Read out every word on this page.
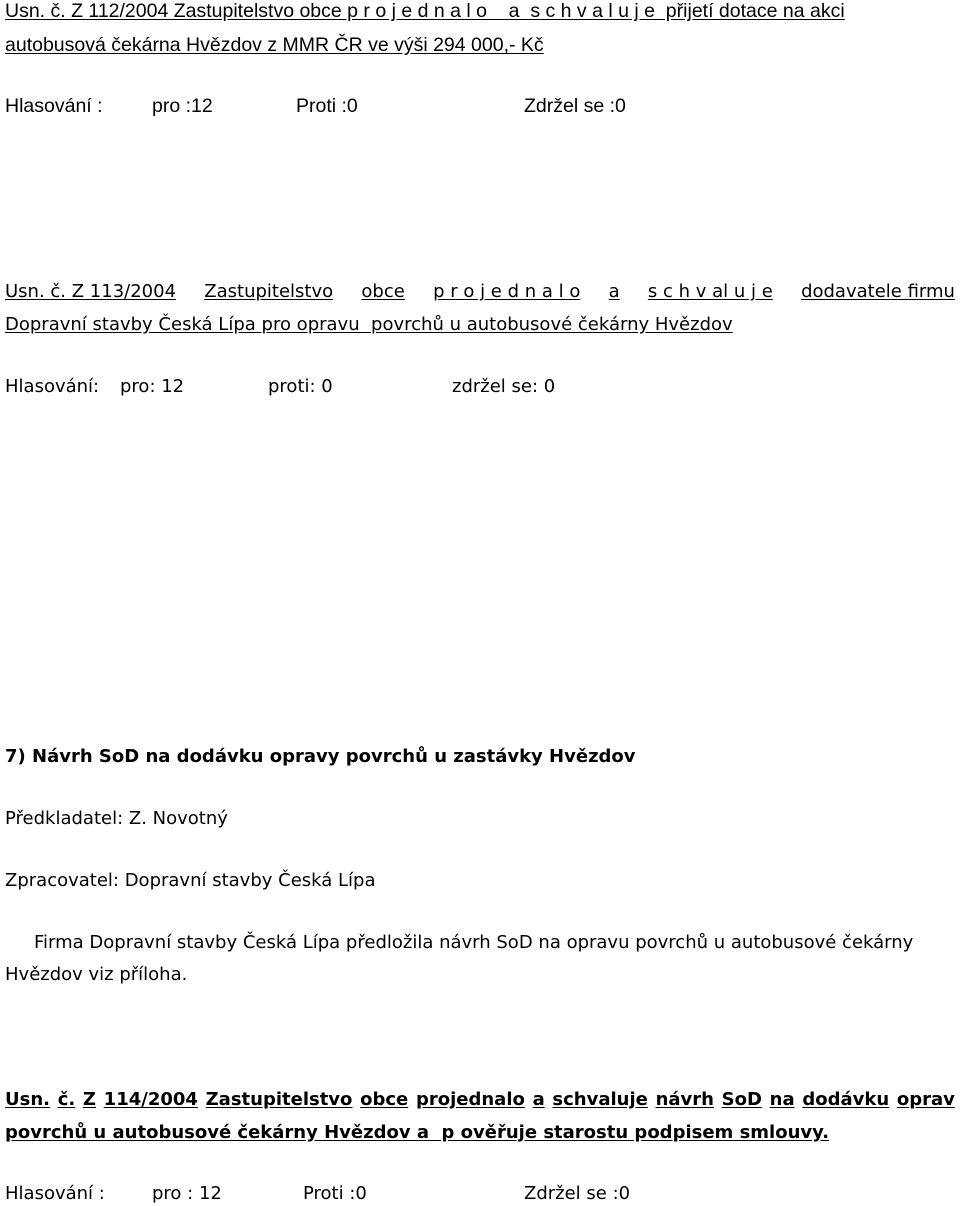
Usn. č. Z 112/2004 Zastupitelstvo obce p r o j e d n a l o    a  s c h v a l u j e  přijetí dotace na akci
autobusová čekárna Hvězdov z MMR ČR ve výši 294 000,- Kč
Hlasování :	pro :12	Proti :0	Zdržel se :0
Usn. č. Z 113/2004 Zastupitelstvo obce p r o j e d n a l o a s c h v al u j e dodavatele firmu
Dopravní stavby Česká Lípa pro opravu  povrchů u autobusové čekárny Hvězdov
Hlasování: pro: 12	proti: 0	zdržel se: 0
7) Návrh SoD na dodávku opravy povrchů u zastávky Hvězdov
Předkladatel: Z. Novotný
Zpracovatel: Dopravní stavby Česká Lípa
Firma Dopravní stavby Česká Lípa předložila návrh SoD na opravu povrchů u autobusové čekárny
Hvězdov viz příloha.
Usn. č. Z 114/2004 Zastupitelstvo obce projednalo a schvaluje návrh SoD na dodávku oprav
povrchů u autobusové čekárny Hvězdov a  p ověřuje starostu podpisem smlouvy.
Hlasování :	pro : 12	Proti :0	Zdržel se :0
